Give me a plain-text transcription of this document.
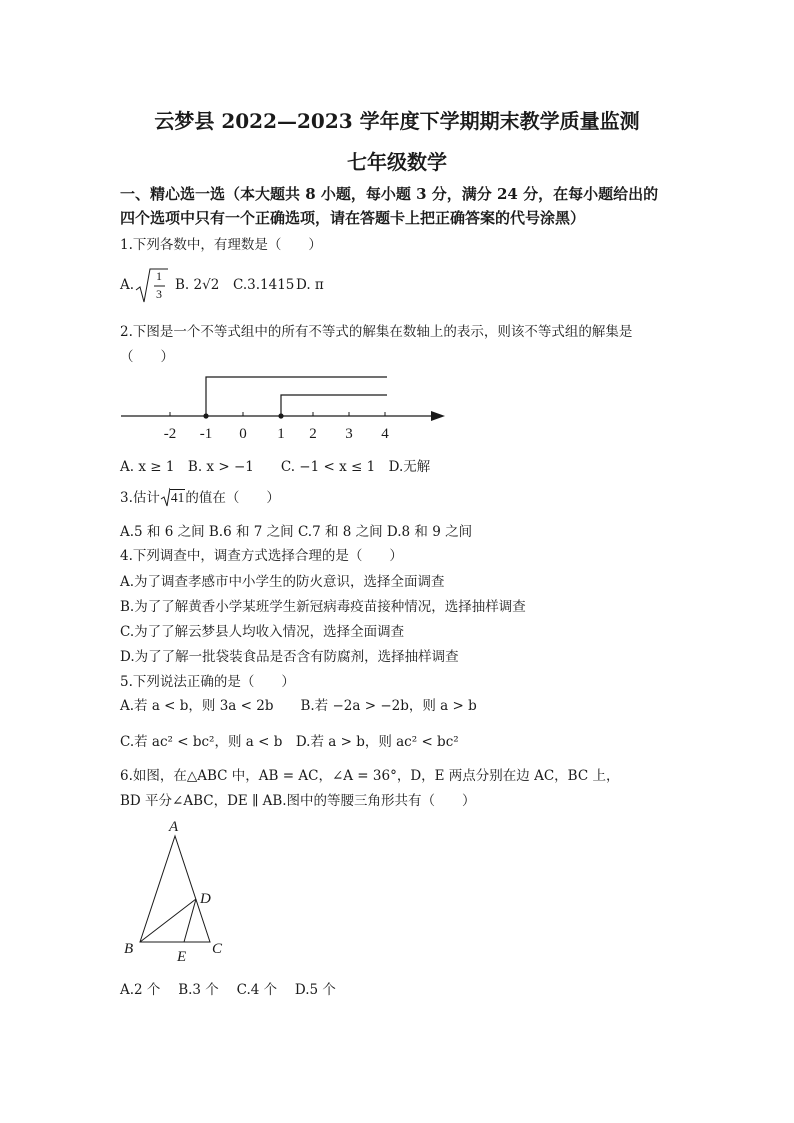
云梦县 2022—2023 学年度下学期期末教学质量监测
七年级数学
一、精心选一选（本大题共 8 小题，每小题 3 分，满分 24 分，在每小题给出的
四个选项中只有一个正确选项，请在答题卡上把正确答案的代号涂黑）
1.下列各数中，有理数是（　　）
A.
1
3
B. 2√2 C.3.1415 D. π
2.下图是一个不等式组中的所有不等式的解集在数轴上的表示，则该不等式组的解集是
（　　）
-2 -1 0 1 2 3 4
A. x ≥ 1　B. x > −1　　C. −1 < x ≤ 1　D.无解
3.估计 41的值在（　　）
A.5 和 6 之间 B.6 和 7 之间 C.7 和 8 之间 D.8 和 9 之间
4.下列调查中，调查方式选择合理的是（　　）
A.为了调查孝感市中小学生的防火意识，选择全面调查
B.为了了解黄香小学某班学生新冠病毒疫苗接种情况，选择抽样调查
C.为了了解云梦县人均收入情况，选择全面调查
D.为了了解一批袋装食品是否含有防腐剂，选择抽样调查
5.下列说法正确的是（　　）
A.若 a < b，则 3a < 2b　　B.若 −2a > −2b，则 a > b
C.若 ac² < bc²，则 a < b　D.若 a > b，则 ac² < bc²
6.如图，在△ABC 中，AB = AC，∠A = 36°，D，E 两点分别在边 AC，BC 上，
BD 平分∠ABC，DE ∥ AB.图中的等腰三角形共有（　　）
A
B	C
D
E
A.2 个　 B.3 个　 C.4 个　 D.5 个
